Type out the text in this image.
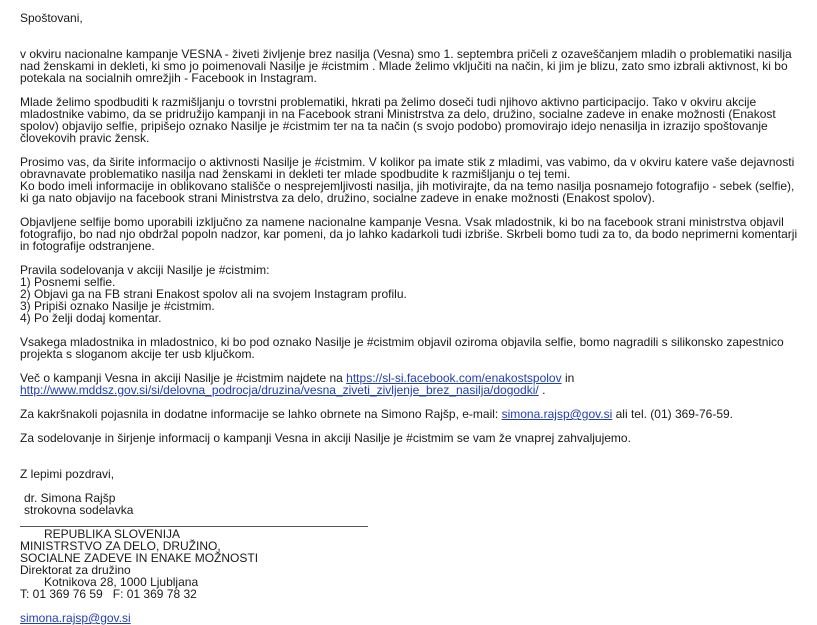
Spoštovani,

v okviru nacionalne kampanje VESNA - živeti življenje brez nasilja (Vesna) smo 1. septembra pričeli z ozaveščanjem mladih o problematiki nasilja nad ženskami in dekleti, ki smo jo poimenovali Nasilje je #cistmim . Mlade želimo vključiti na način, ki jim je blizu, zato smo izbrali aktivnost, ki bo potekala na socialnih omrežjih - Facebook in Instagram.

Mlade želimo spodbuditi k razmišljanju o tovrstni problematiki, hkrati pa želimo doseči tudi njihovo aktivno participacijo. Tako v okviru akcije mladostnike vabimo, da se pridružijo kampanji in na Facebook strani Ministrstva za delo, družino, socialne zadeve in enake možnosti (Enakost spolov) objavijo selfie, pripišejo oznako Nasilje je #cistmim ter na ta način (s svojo podobo) promovirajo idejo nenasilja in izrazijo spoštovanje človekovih pravic žensk.

Prosimo vas, da širite informacijo o aktivnosti Nasilje je #cistmim. V kolikor pa imate stik z mladimi, vas vabimo, da v okviru katere vaše dejavnosti obravnavate problematiko nasilja nad ženskami in dekleti ter mlade spodbudite k razmišljanju o tej temi.

Ko bodo imeli informacije in oblikovano stališče o nesprejemljivosti nasilja, jih motivirajte, da na temo nasilja posnamejo fotografijo - sebek (selfie), ki ga nato objavijo na facebook strani Ministrstva za delo, družino, socialne zadeve in enake možnosti (Enakost spolov).

Objavljene selfije bomo uporabili izključno za namene nacionalne kampanje Vesna. Vsak mladostnik, ki bo na facebook strani ministrstva objavil fotografijo, bo nad njo obdržal popoln nadzor, kar pomeni, da jo lahko kadarkoli tudi izbriše. Skrbeli bomo tudi za to, da bodo neprimerni komentarji in fotografije odstranjene.

Pravila sodelovanja v akciji Nasilje je #cistmim:

1) Posnemi selfie.

2) Objavi ga na FB strani Enakost spolov ali na svojem Instagram profilu.

3) Pripiši oznako Nasilje je #cistmim.

4) Po želji dodaj komentar.

Vsakega mladostnika in mladostnico, ki bo pod oznako Nasilje je #cistmim objavil oziroma objavila selfie, bomo nagradili s silikonsko zapestnico projekta s sloganom akcije ter usb ključkom.

Več o kampanji Vesna in akciji Nasilje je #cistmim najdete na https://sl-si.facebook.com/enakostspolov in http://www.mddsz.gov.si/si/delovna_podrocja/druzina/vesna_ziveti_zivljenje_brez_nasilja/dogodki/ .

Za kakršnakoli pojasnila in dodatne informacije se lahko obrnete na Simono Rajšp, e-mail: simona.rajsp@gov.si ali tel. (01) 369-76-59.

Za sodelovanje in širjenje informacij o kampanji Vesna in akciji Nasilje je #cistmim se vam že vnaprej zahvaljujemo.

Z lepimi pozdravi,

dr. Simona Rajšp

strokovna sodelavka

REPUBLIKA SLOVENIJA

MINISTRSTVO ZA DELO, DRUŽINO,

SOCIALNE ZADEVE IN ENAKE MOŽNOSTI

Direktorat za družino

Kotnikova 28, 1000 Ljubljana

T: 01 369 76 59   F: 01 369 78 32

simona.rajsp@gov.si
